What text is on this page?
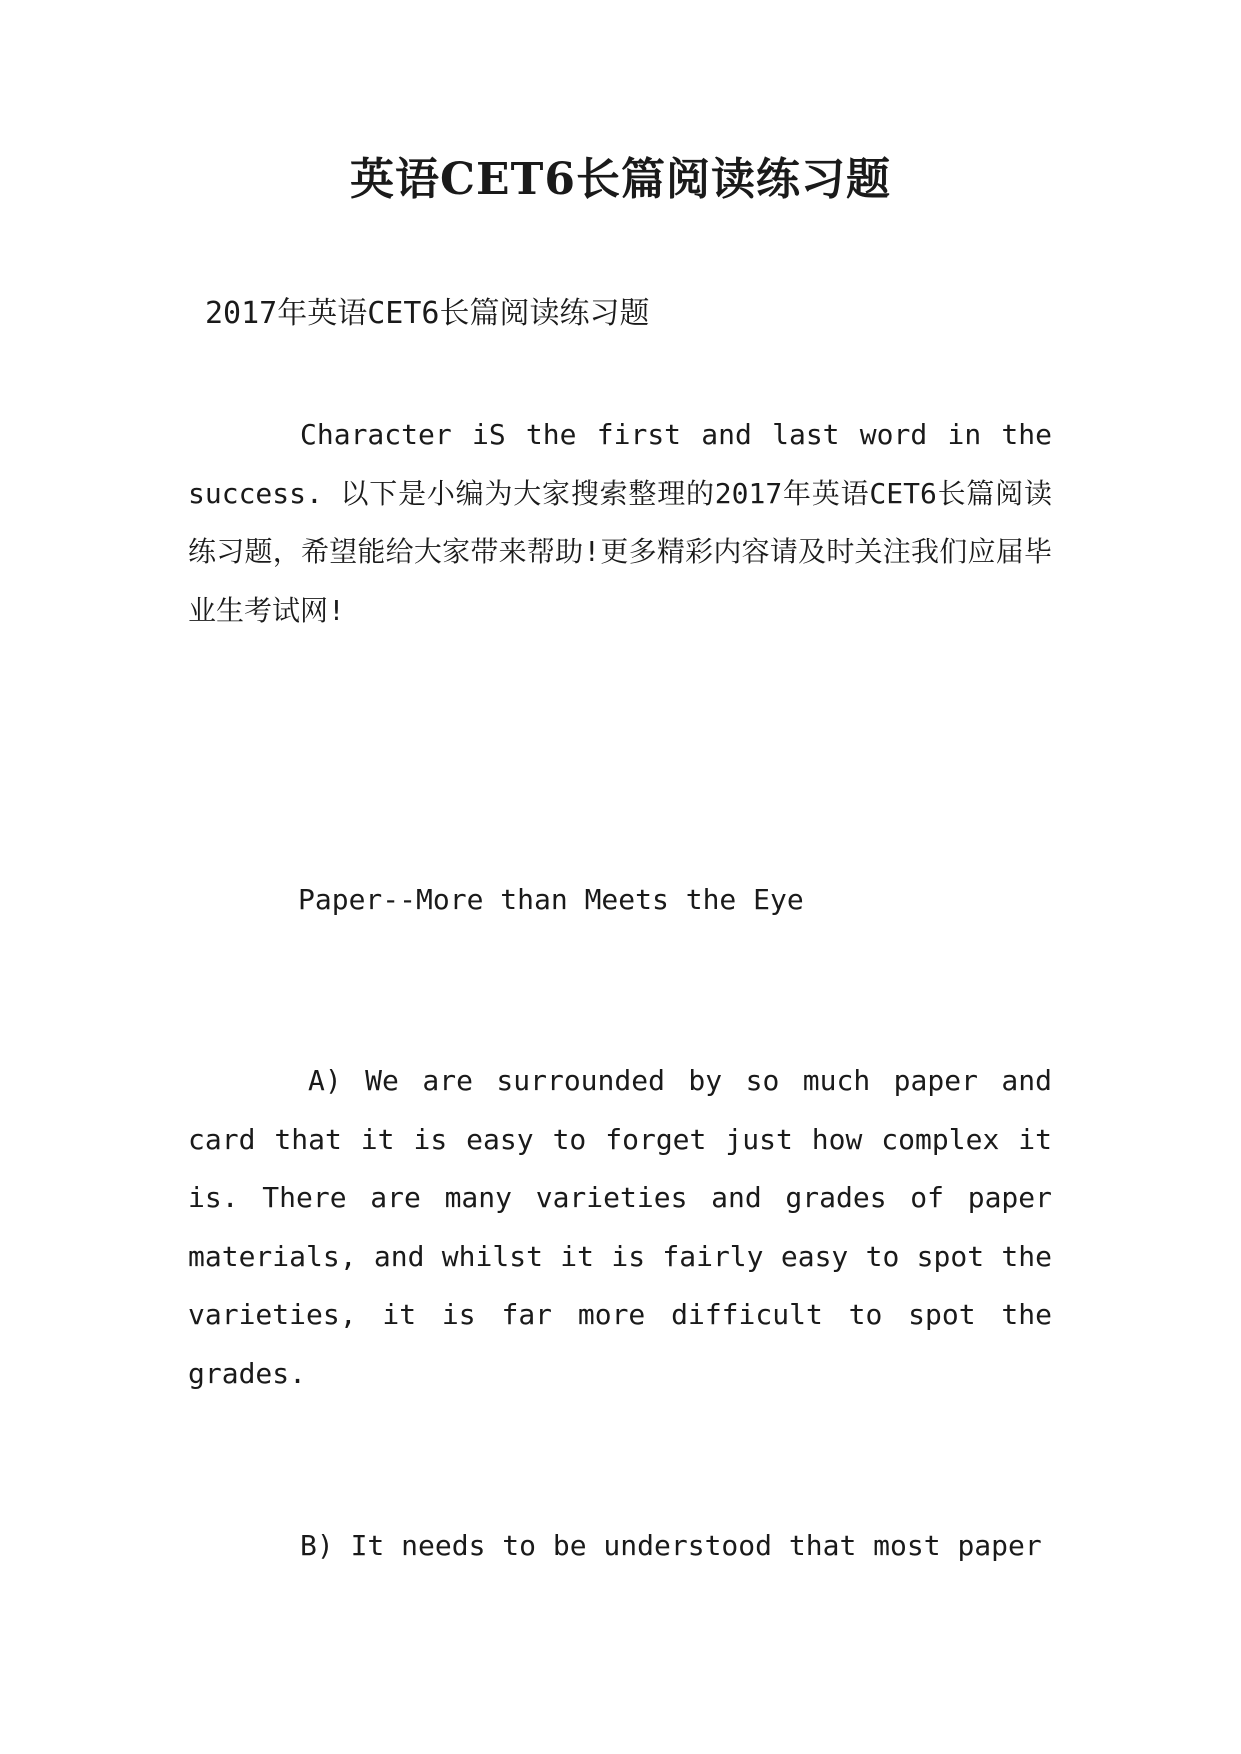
英语CET6长篇阅读练习题

2017年英语CET6长篇阅读练习题

Character iS the first and last word in the success. 以下是小编为大家搜索整理的2017年英语CET6长篇阅读练习题，希望能给大家带来帮助!更多精彩内容请及时关注我们应届毕业生考试网!

Paper--More than Meets the Eye

A) We are surrounded by so much paper and card that it is easy to forget just how complex it is. There are many varieties and grades of paper materials, and whilst it is fairly easy to spot the varieties, it is far more difficult to spot the grades.

B) It needs to be understood that most paper
